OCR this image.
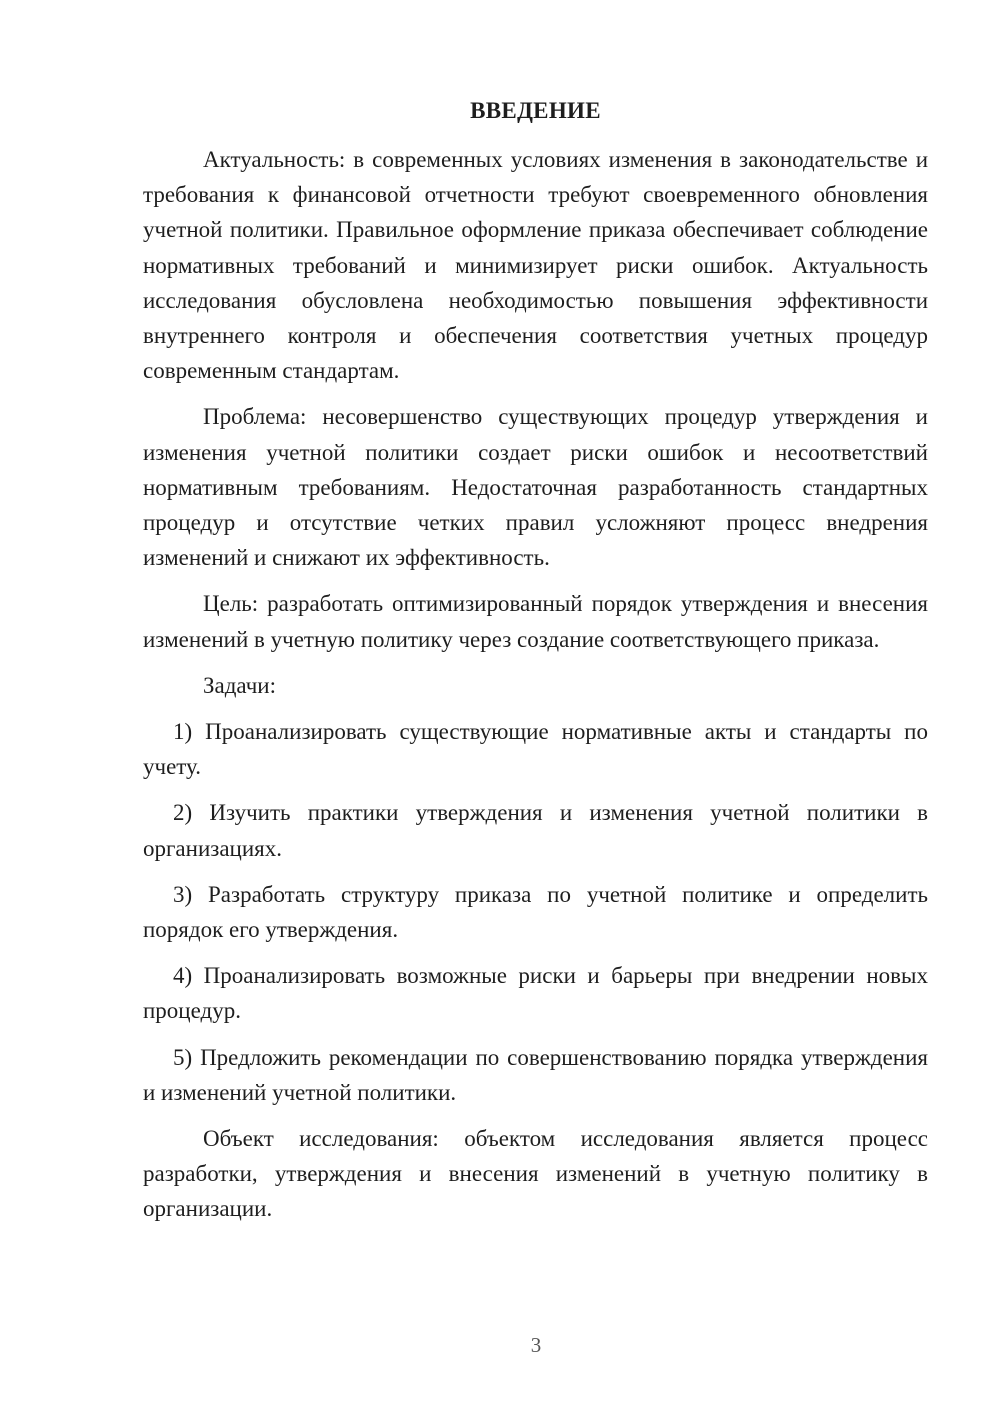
ВВЕДЕНИЕ

Актуальность: в современных условиях изменения в законодательстве и требования к финансовой отчетности требуют своевременного обновления учетной политики. Правильное оформление приказа обеспечивает соблюдение нормативных требований и минимизирует риски ошибок. Актуальность исследования обусловлена необходимостью повышения эффективности внутреннего контроля и обеспечения соответствия учетных процедур современным стандартам.

Проблема: несовершенство существующих процедур утверждения и изменения учетной политики создает риски ошибок и несоответствий нормативным требованиям. Недостаточная разработанность стандартных процедур и отсутствие четких правил усложняют процесс внедрения изменений и снижают их эффективность.

Цель: разработать оптимизированный порядок утверждения и внесения изменений в учетную политику через создание соответствующего приказа.

Задачи:

1) Проанализировать существующие нормативные акты и стандарты по учету.

2) Изучить практики утверждения и изменения учетной политики в организациях.

3) Разработать структуру приказа по учетной политике и определить порядок его утверждения.

4) Проанализировать возможные риски и барьеры при внедрении новых процедур.

5) Предложить рекомендации по совершенствованию порядка утверждения и изменений учетной политики.

Объект исследования: объектом исследования является процесс разработки, утверждения и внесения изменений в учетную политику в организации.

3
